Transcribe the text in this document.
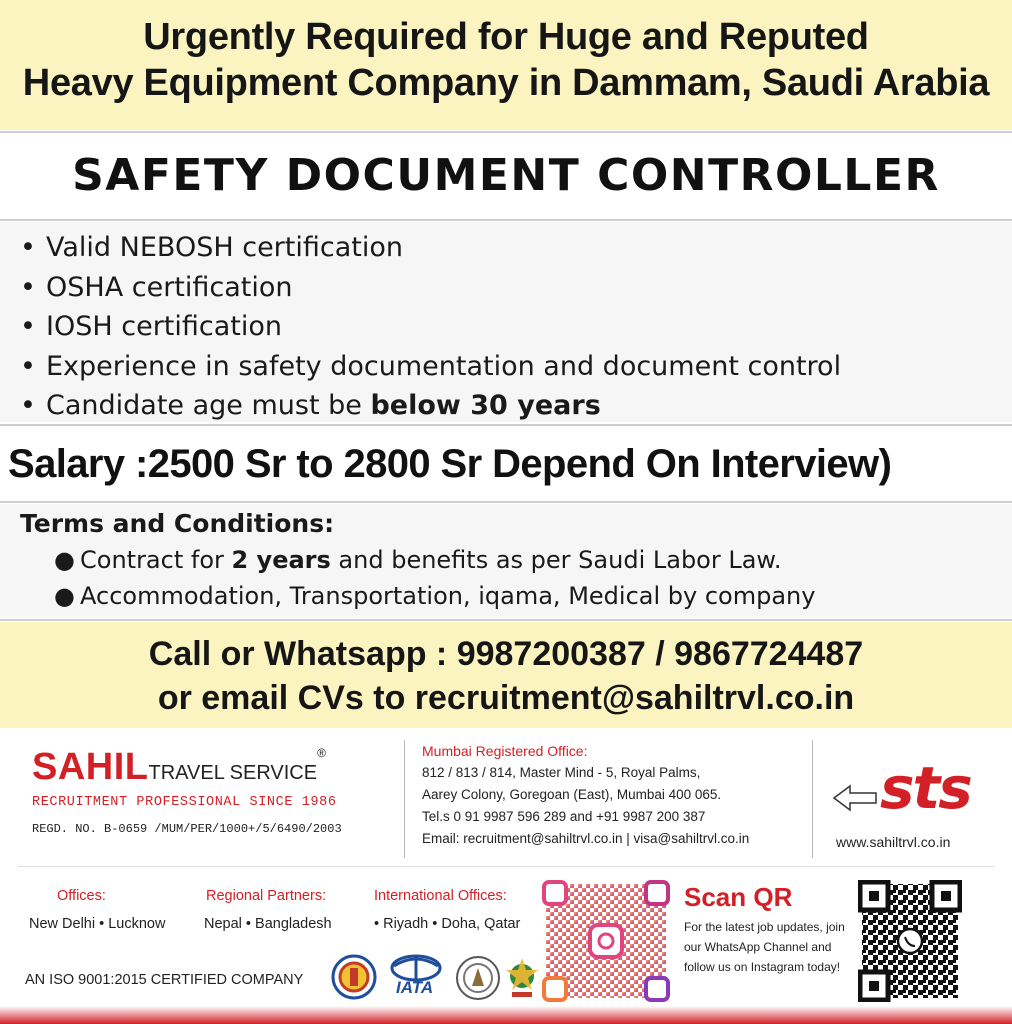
Urgently Required for Huge and Reputed
Heavy Equipment Company in Dammam, Saudi Arabia
SAFETY DOCUMENT CONTROLLER
• Valid NEBOSH certification
• OSHA certification
• IOSH certification
• Experience in safety documentation and document control
• Candidate age must be below 30 years
Salary :2500 Sr to 2800 Sr Depend On Interview)
Terms and Conditions:
● Contract for 2 years and benefits as per Saudi Labor Law.
● Accommodation, Transportation, iqama, Medical by company
Call or Whatsapp : 9987200387 / 9867724487
or email CVs to recruitment@sahiltrvl.co.in
SAHILTRAVEL SERVICE®
RECRUITMENT PROFESSIONAL SINCE 1986
REGD. NO. B-0659 /MUM/PER/1000+/5/6490/2003
Mumbai Registered Office:
812 / 813 / 814, Master Mind - 5, Royal Palms,
Aarey Colony, Goregoan (East), Mumbai 400 065.
Tel.s 0 91 9987 596 289 and +91 9987 200 387
Email: recruitment@sahiltrvl.co.in | visa@sahiltrvl.co.in
sts
www.sahiltrvl.co.in
Offices:
New Delhi • Lucknow
Regional Partners:
Nepal • Bangladesh
International Offices:
• Riyadh • Doha, Qatar
AN ISO 9001:2015 CERTIFIED COMPANY	IATA
Scan QR
For the latest job updates, join our WhatsApp Channel and follow us on Instagram today!
